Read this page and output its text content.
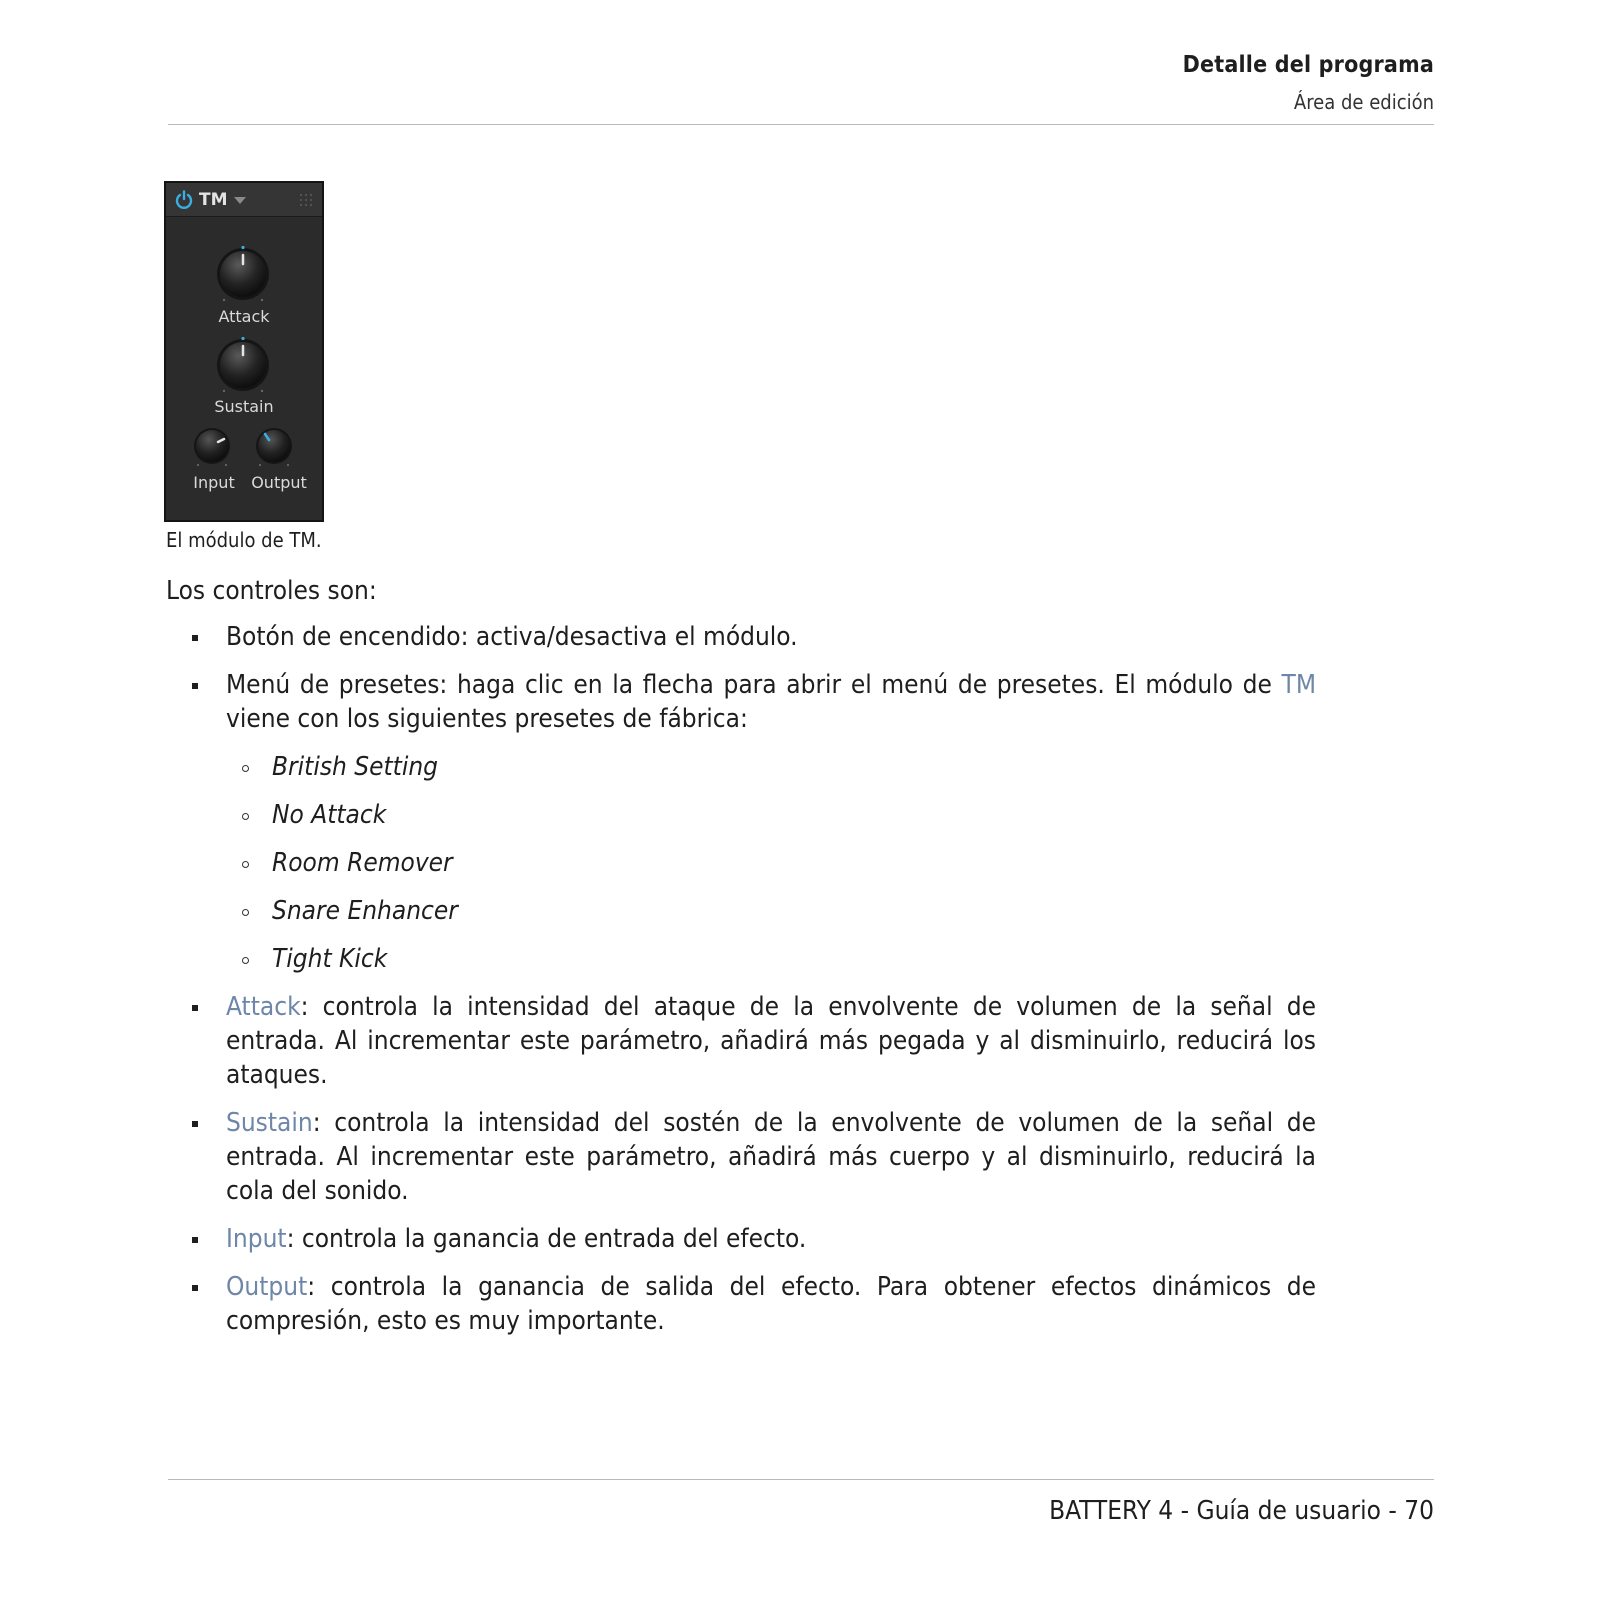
Detalle del programa
Área de edición
TM
Attack
Sustain
Input	Output
El módulo de TM.

Los controles son:

Botón de encendido: activa/desactiva el módulo.
Menú de presetes: haga clic en la flecha para abrir el menú de presetes. El módulo de TM viene con los siguientes presetes de fábrica:
British Setting
No Attack
Room Remover
Snare Enhancer
Tight Kick
Attack: controla la intensidad del ataque de la envolvente de volumen de la señal de entrada. Al incrementar este parámetro, añadirá más pegada y al disminuirlo, reducirá los ataques.
Sustain: controla la intensidad del sostén de la envolvente de volumen de la señal de entrada. Al incrementar este parámetro, añadirá más cuerpo y al disminuirlo, reducirá la cola del sonido.
Input: controla la ganancia de entrada del efecto.
Output: controla la ganancia de salida del efecto. Para obtener efectos dinámicos de compresión, esto es muy importante.
BATTERY 4 - Guía de usuario - 70
